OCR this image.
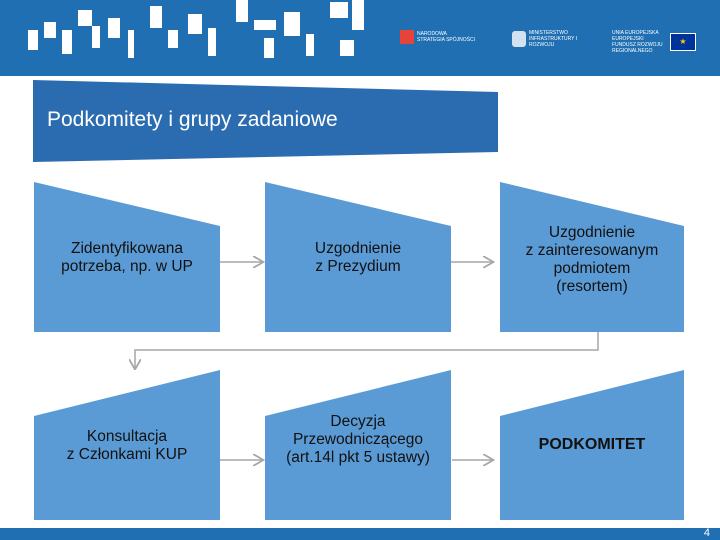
NARODOWA STRATEGIA SPÓJNOŚCI
MINISTERSTWO INFRASTRUKTURY I ROZWOJU
UNIA EUROPEJSKA EUROPEJSKI FUNDUSZ ROZWOJU REGIONALNEGO★
Podkomitety i grupy zadaniowe
Zidentyfikowana
potrzeba, np. w UP
Uzgodnienie
z Prezydium
Uzgodnienie
z zainteresowanym
podmiotem
(resortem)
Konsultacja
z Członkami KUP
Decyzja
Przewodniczącego
(art.14l pkt 5 ustawy)
PODKOMITET
4
